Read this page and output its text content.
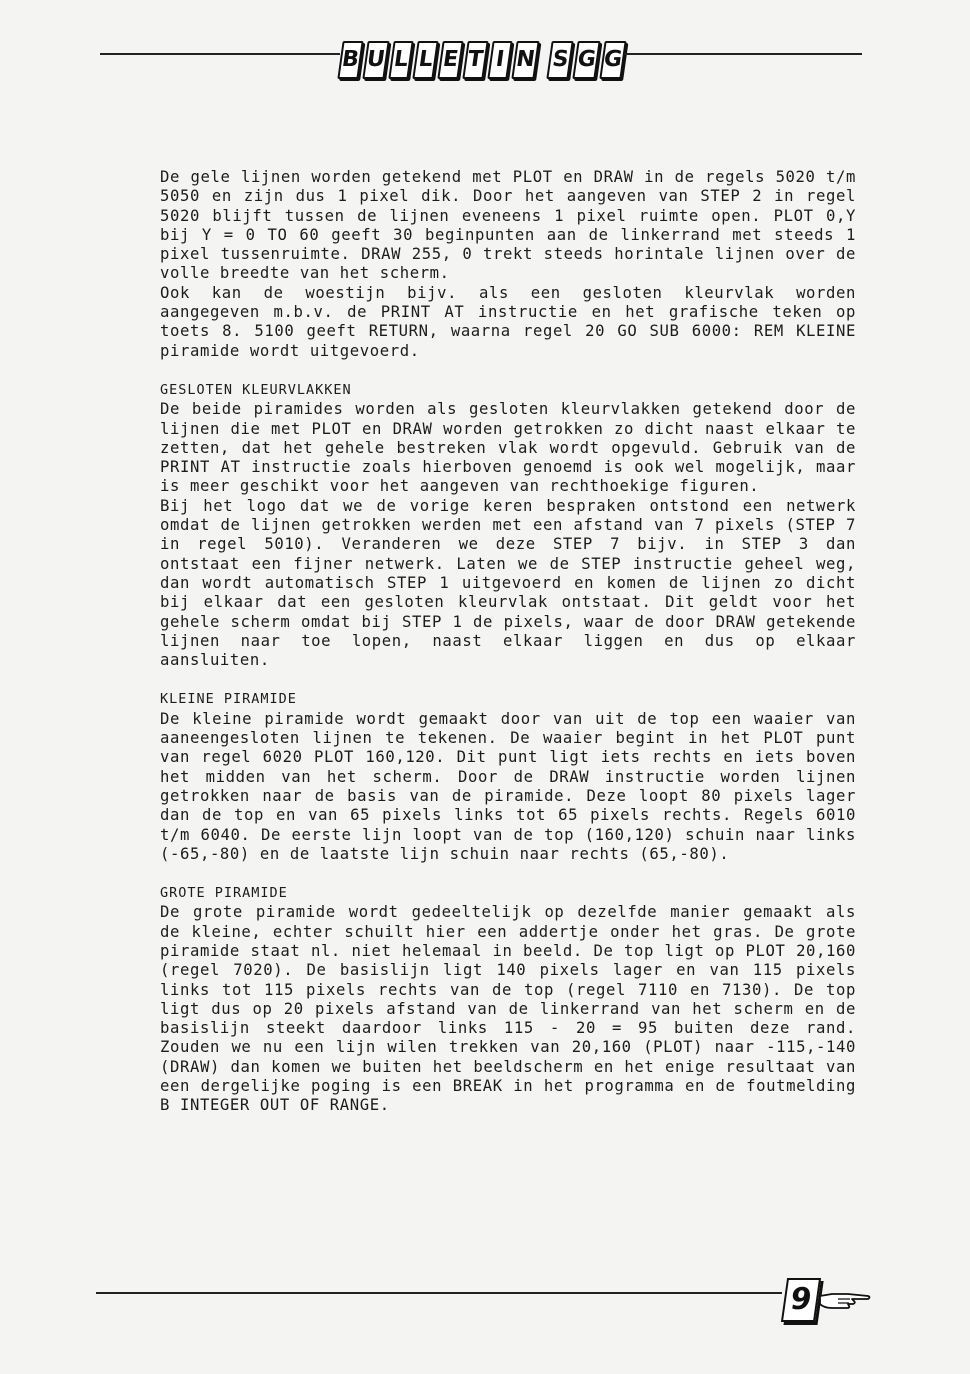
B U L L E T I N S G G

De gele lijnen worden getekend met PLOT en DRAW in de regels 5020 t/m 5050 en zijn dus 1 pixel dik. Door het aangeven van STEP 2 in regel 5020 blijft tussen de lijnen eveneens 1 pixel ruimte open. PLOT 0,Y bij Y = 0 TO 60 geeft 30 beginpunten aan de linkerrand met steeds 1 pixel tussenruimte. DRAW 255, 0 trekt steeds horintale lijnen over de volle breedte van het scherm.

Ook kan de woestijn bijv. als een gesloten kleurvlak worden aangegeven m.b.v. de PRINT AT instructie en het grafische teken op toets 8. 5100 geeft RETURN, waarna regel 20 GO SUB 6000: REM KLEINE piramide wordt uitgevoerd.

GESLOTEN KLEURVLAKKEN

De beide piramides worden als gesloten kleurvlakken getekend door de lijnen die met PLOT en DRAW worden getrokken zo dicht naast elkaar te zetten, dat het gehele bestreken vlak wordt opgevuld. Gebruik van de PRINT AT instructie zoals hierboven genoemd is ook wel mogelijk, maar is meer geschikt voor het aangeven van rechthoekige figuren.

Bij het logo dat we de vorige keren bespraken ontstond een netwerk omdat de lijnen getrokken werden met een afstand van 7 pixels (STEP 7 in regel 5010). Veranderen we deze STEP 7 bijv. in STEP 3 dan ontstaat een fijner netwerk. Laten we de STEP instructie geheel weg, dan wordt automatisch STEP 1 uitgevoerd en komen de lijnen zo dicht bij elkaar dat een gesloten kleurvlak ontstaat. Dit geldt voor het gehele scherm omdat bij STEP 1 de pixels, waar de door DRAW getekende lijnen naar toe lopen, naast elkaar liggen en dus op elkaar aansluiten.

KLEINE PIRAMIDE

De kleine piramide wordt gemaakt door van uit de top een waaier van aaneengesloten lijnen te tekenen. De waaier begint in het PLOT punt van regel 6020 PLOT 160,120. Dit punt ligt iets rechts en iets boven het midden van het scherm. Door de DRAW instructie worden lijnen getrokken naar de basis van de piramide. Deze loopt 80 pixels lager dan de top en van 65 pixels links tot 65 pixels rechts. Regels 6010 t/m 6040. De eerste lijn loopt van de top (160,120) schuin naar links (-65,-80) en de laatste lijn schuin naar rechts (65,-80).

GROTE PIRAMIDE

De grote piramide wordt gedeeltelijk op dezelfde manier gemaakt als de kleine, echter schuilt hier een addertje onder het gras. De grote piramide staat nl. niet helemaal in beeld. De top ligt op PLOT 20,160 (regel 7020). De basislijn ligt 140 pixels lager en van 115 pixels links tot 115 pixels rechts van de top (regel 7110 en 7130). De top ligt dus op 20 pixels afstand van de linkerrand van het scherm en de basislijn steekt daardoor links 115 - 20 = 95 buiten deze rand. Zouden we nu een lijn wilen trekken van 20,160 (PLOT) naar -115,-140 (DRAW) dan komen we buiten het beeldscherm en het enige resultaat van een dergelijke poging is een BREAK in het programma en de foutmelding B INTEGER OUT OF RANGE.

9
